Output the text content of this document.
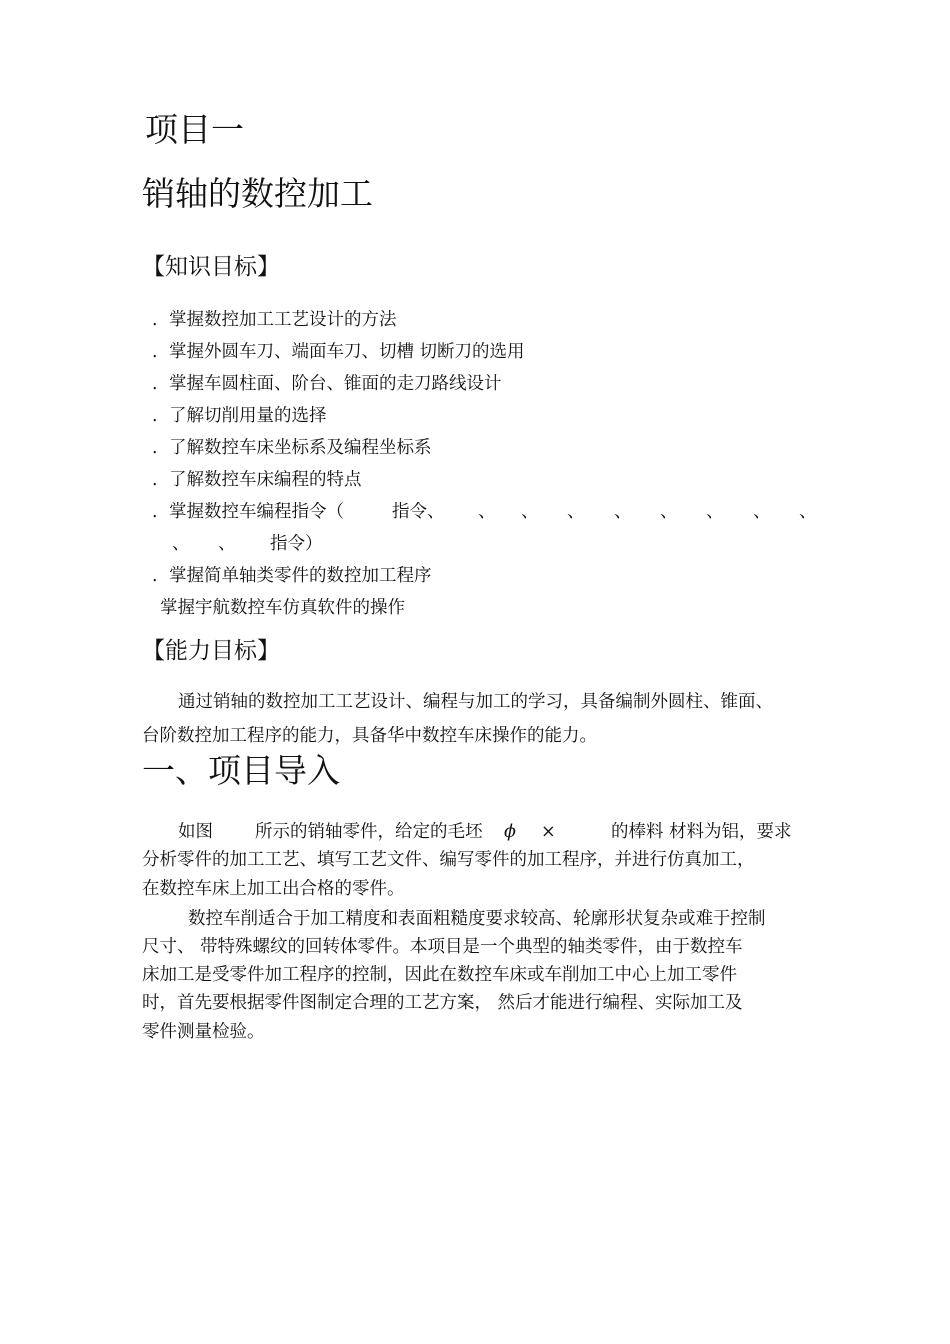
项目一
销轴的数控加工
【知识目标】
. 掌握数控加工工艺设计的方法
. 掌握外圆车刀、端面车刀、切槽 切断刀的选用
. 掌握车圆柱面、阶台、锥面的走刀路线设计
. 了解切削用量的选择
. 了解数控车床坐标系及编程坐标系
. 了解数控车床编程的特点
. 掌握数控车编程指令（	指令、 、 、 、 、 、 、 、 、
、 、 指令）
. 掌握简单轴类零件的数控加工程序
掌握宇航数控车仿真软件的操作
【能力目标】
通过销轴的数控加工工艺设计、编程与加工的学习，具备编制外圆柱、锥面、
台阶数控加工程序的能力，具备华中数控车床操作的能力。
一、项目导入
如图 所示的销轴零件，给定的毛坯 ϕ ×	的棒料 材料为铝，要求
分析零件的加工工艺、填写工艺文件、编写零件的加工程序，并进行仿真加工，
在数控车床上加工出合格的零件。
数控车削适合于加工精度和表面粗糙度要求较高、轮廓形状复杂或难于控制
尺寸、 带特殊螺纹的回转体零件。本项目是一个典型的轴类零件，由于数控车
床加工是受零件加工程序的控制，因此在数控车床或车削加工中心上加工零件
时，首先要根据零件图制定合理的工艺方案， 然后才能进行编程、实际加工及
零件测量检验。
